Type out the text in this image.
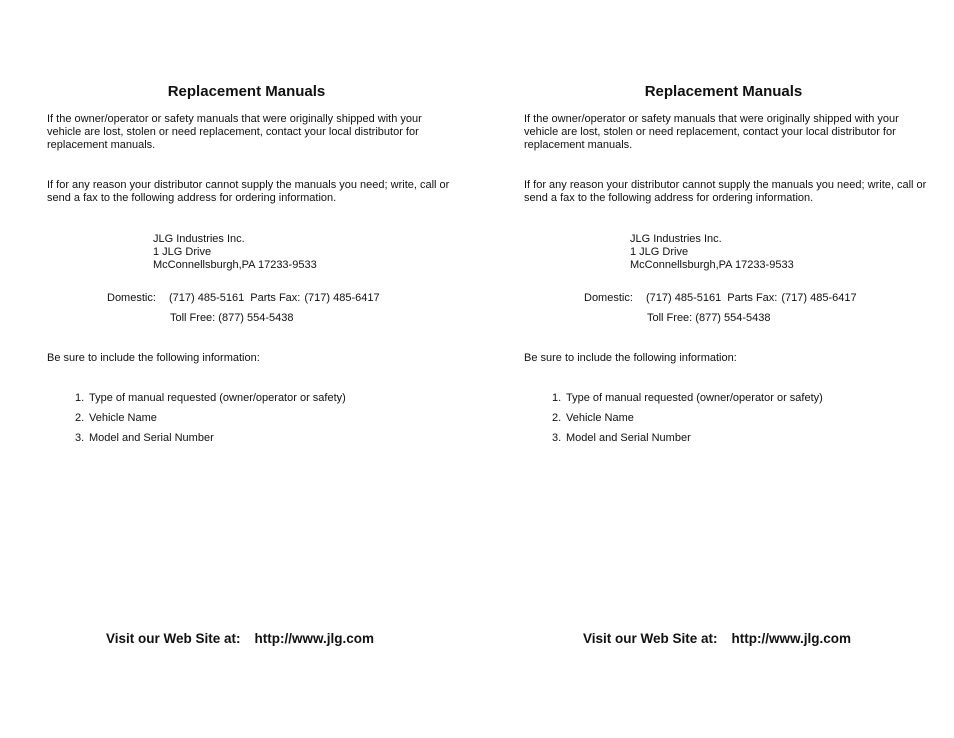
Replacement Manuals

If the owner/operator or safety manuals that were originally shipped with your vehicle are lost, stolen or need replacement, contact your local distributor for replacement manuals.

If for any reason your distributor cannot supply the manuals you need; write, call or send a fax to the following address for ordering information.

JLG Industries Inc.
1 JLG Drive
McConnellsburgh,PA 17233-9533
Domestic: (717) 485-5161 Parts Fax: (717) 485-6417
Toll Free: (877) 554-5438
Be sure to include the following information:
1. Type of manual requested (owner/operator or safety)
2. Vehicle Name
3. Model and Serial Number
Visit our Web Site at: http://www.jlg.com
Replacement Manuals

If the owner/operator or safety manuals that were originally shipped with your vehicle are lost, stolen or need replacement, contact your local distributor for replacement manuals.

If for any reason your distributor cannot supply the manuals you need; write, call or send a fax to the following address for ordering information.

JLG Industries Inc.
1 JLG Drive
McConnellsburgh,PA 17233-9533
Domestic: (717) 485-5161 Parts Fax: (717) 485-6417
Toll Free: (877) 554-5438
Be sure to include the following information:
1. Type of manual requested (owner/operator or safety)
2. Vehicle Name
3. Model and Serial Number
Visit our Web Site at: http://www.jlg.com
